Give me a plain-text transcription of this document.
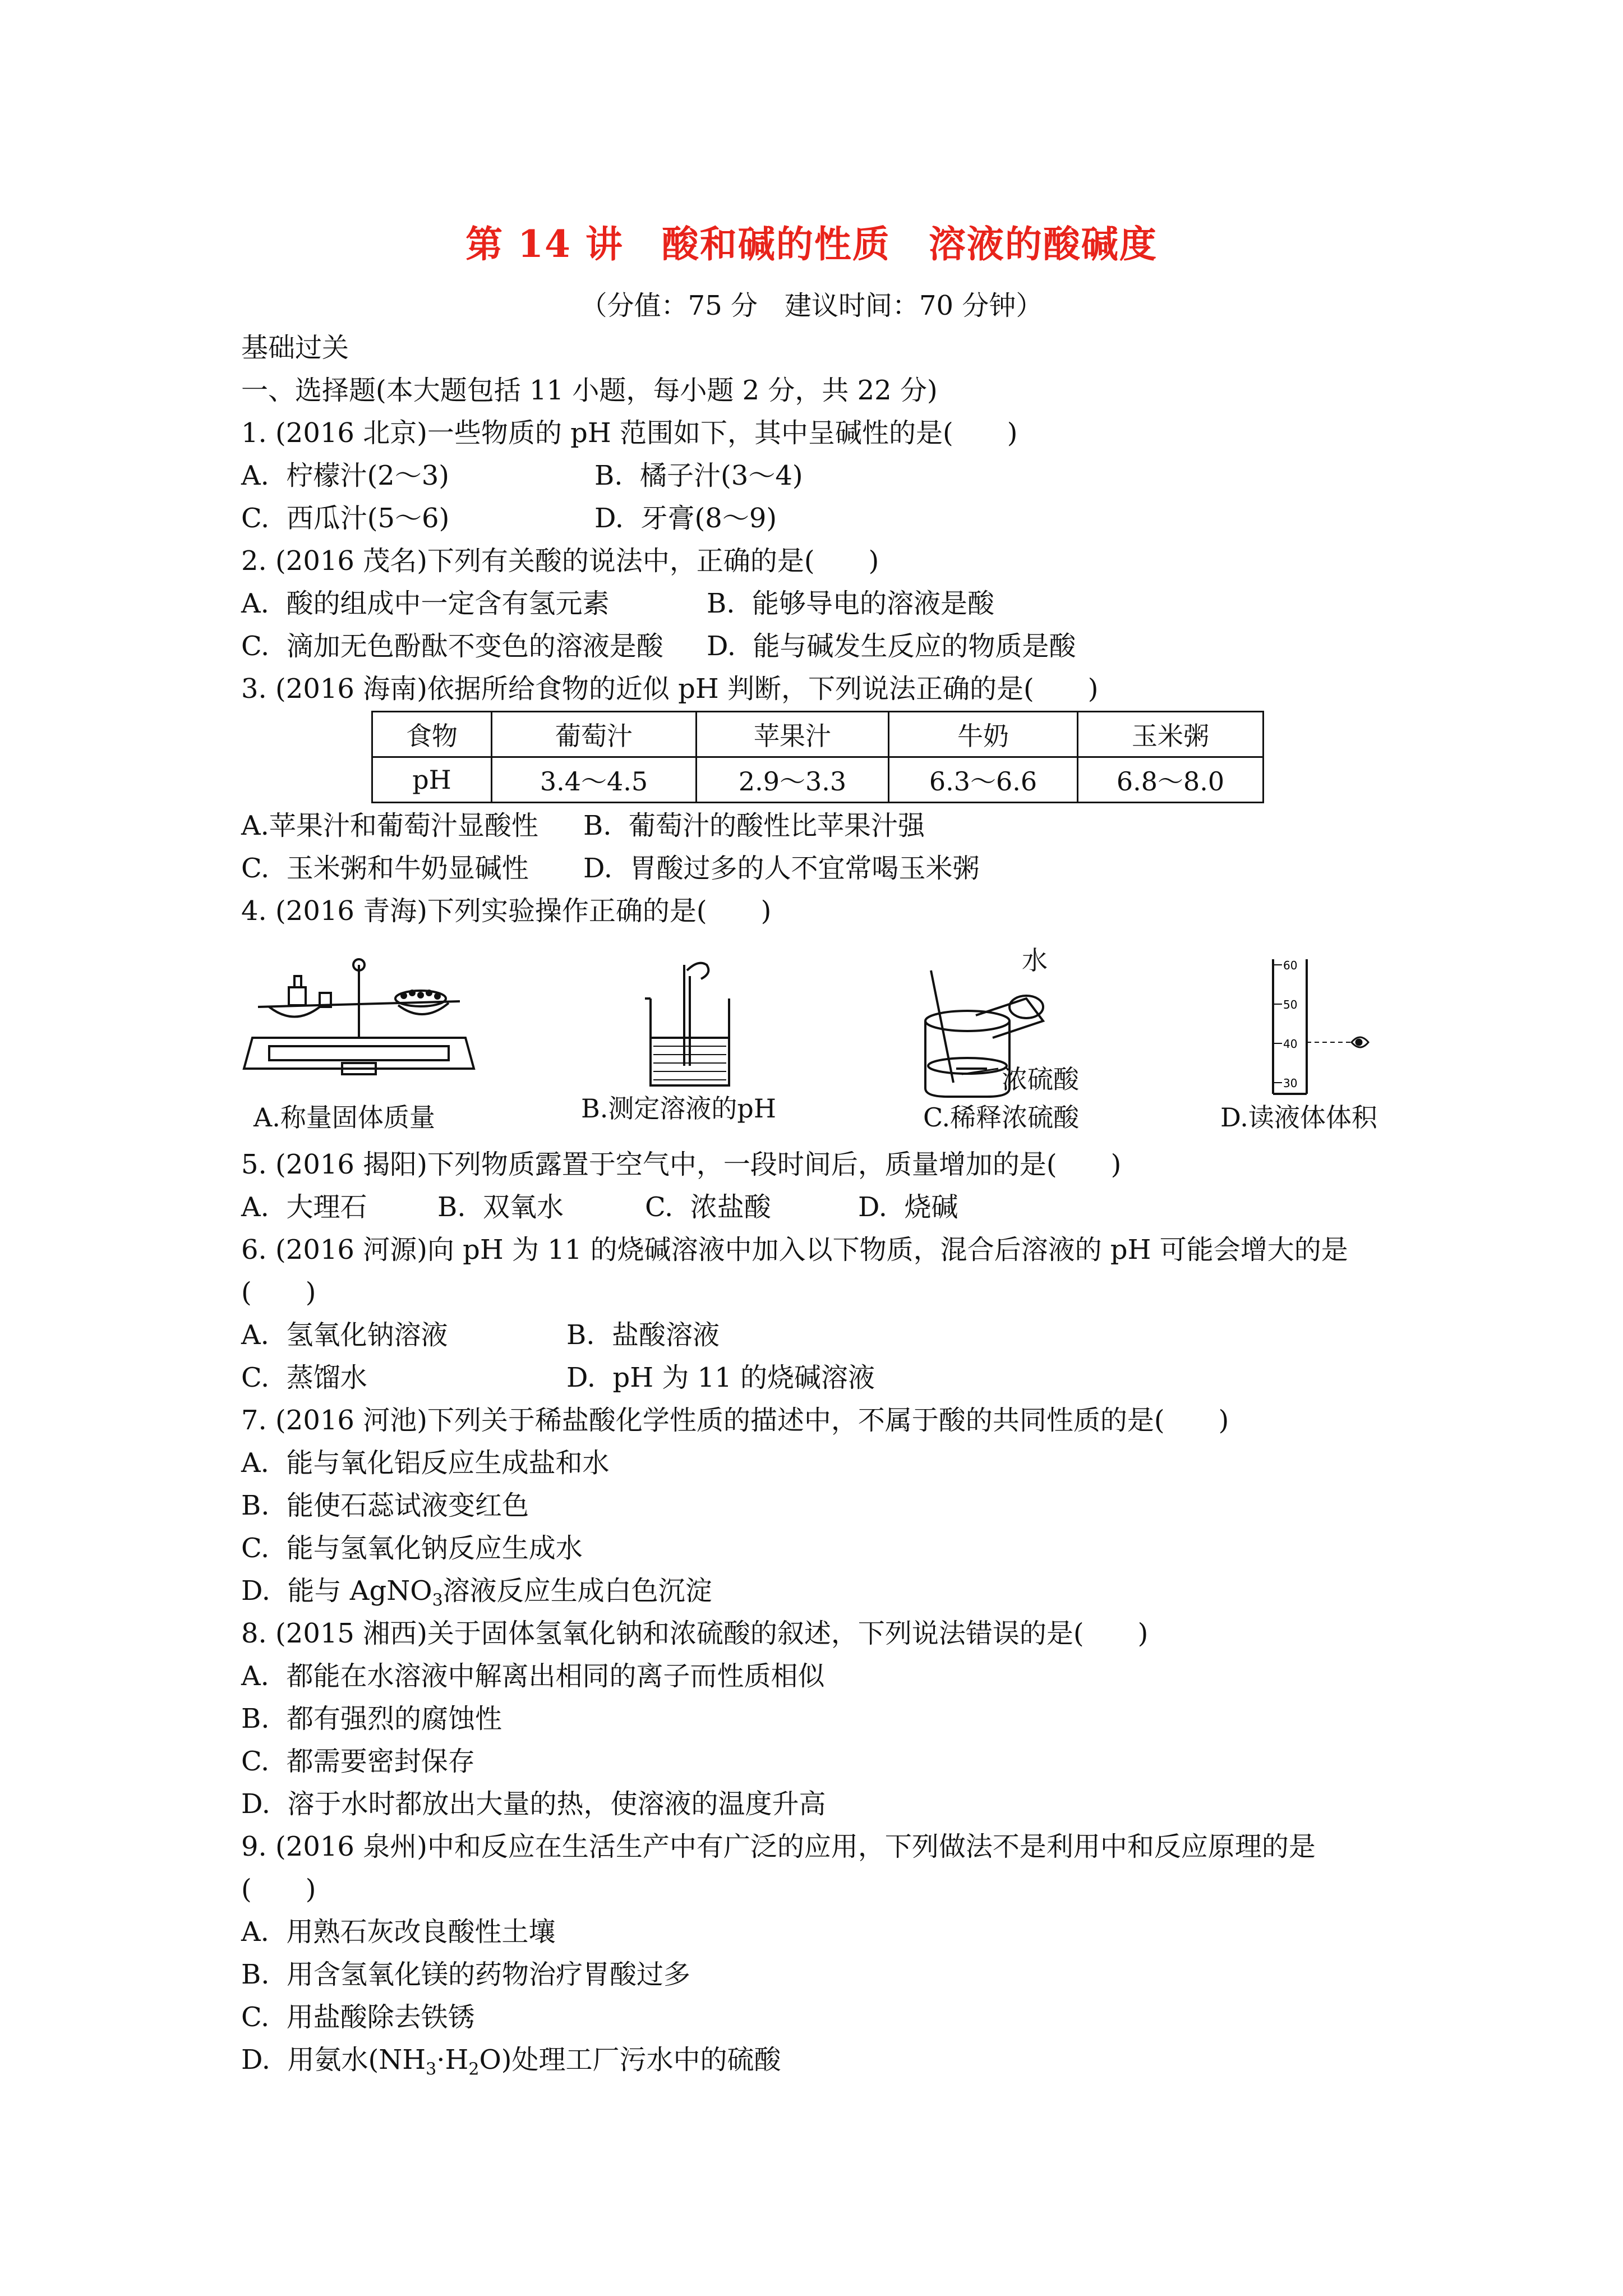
第 14 讲　酸和碱的性质　溶液的酸碱度
（分值：75 分　建议时间：70 分钟）
基础过关
一、选择题(本大题包括 11 小题，每小题 2 分，共 22 分)
1. (2016 北京)一些物质的 pH 范围如下，其中呈碱性的是(　　)
A.  柠檬汁(2～3)	B.  橘子汁(3～4)
C.  西瓜汁(5～6)	D.  牙膏(8～9)
2. (2016 茂名)下列有关酸的说法中，正确的是(　　)
A.  酸的组成中一定含有氢元素	B.  能够导电的溶液是酸
C.  滴加无色酚酞不变色的溶液是酸 D.  能与碱发生反应的物质是酸
3. (2016 海南)依据所给食物的近似 pH 判断，下列说法正确的是(　　)
食物	葡萄汁	苹果汁	牛奶	玉米粥
pH	3.4～4.5	2.9～3.3	6.3～6.6	6.8～8.0
A.苹果汁和葡萄汁显酸性 B.  葡萄汁的酸性比苹果汁强
C.  玉米粥和牛奶显碱性 D.  胃酸过多的人不宜常喝玉米粥
4. (2016 青海)下列实验操作正确的是(　　)
A.称量固体质量	B.测定溶液的pH
水
浓硫酸
C.稀释浓硫酸
60
50
40
30
D.读液体体积
5. (2016 揭阳)下列物质露置于空气中，一段时间后，质量增加的是(　　)
A.  大理石	B.  双氧水	C.  浓盐酸	D.  烧碱
6. (2016 河源)向 pH 为 11 的烧碱溶液中加入以下物质，混合后溶液的 pH 可能会增大的是
(　　)
A.  氢氧化钠溶液	B.  盐酸溶液
C.  蒸馏水	D.  pH 为 11 的烧碱溶液
7. (2016 河池)下列关于稀盐酸化学性质的描述中，不属于酸的共同性质的是(　　)
A.  能与氧化铝反应生成盐和水
B.  能使石蕊试液变红色
C.  能与氢氧化钠反应生成水
D.  能与 AgNO$_3$溶液反应生成白色沉淀
8. (2015 湘西)关于固体氢氧化钠和浓硫酸的叙述，下列说法错误的是(　　)
A.  都能在水溶液中解离出相同的离子而性质相似
B.  都有强烈的腐蚀性
C.  都需要密封保存
D.  溶于水时都放出大量的热，使溶液的温度升高
9. (2016 泉州)中和反应在生活生产中有广泛的应用，下列做法不是利用中和反应原理的是
(　　)
A.  用熟石灰改良酸性土壤
B.  用含氢氧化镁的药物治疗胃酸过多
C.  用盐酸除去铁锈
D.  用氨水$(NH_3\cdot H_2O)$处理工厂污水中的硫酸
